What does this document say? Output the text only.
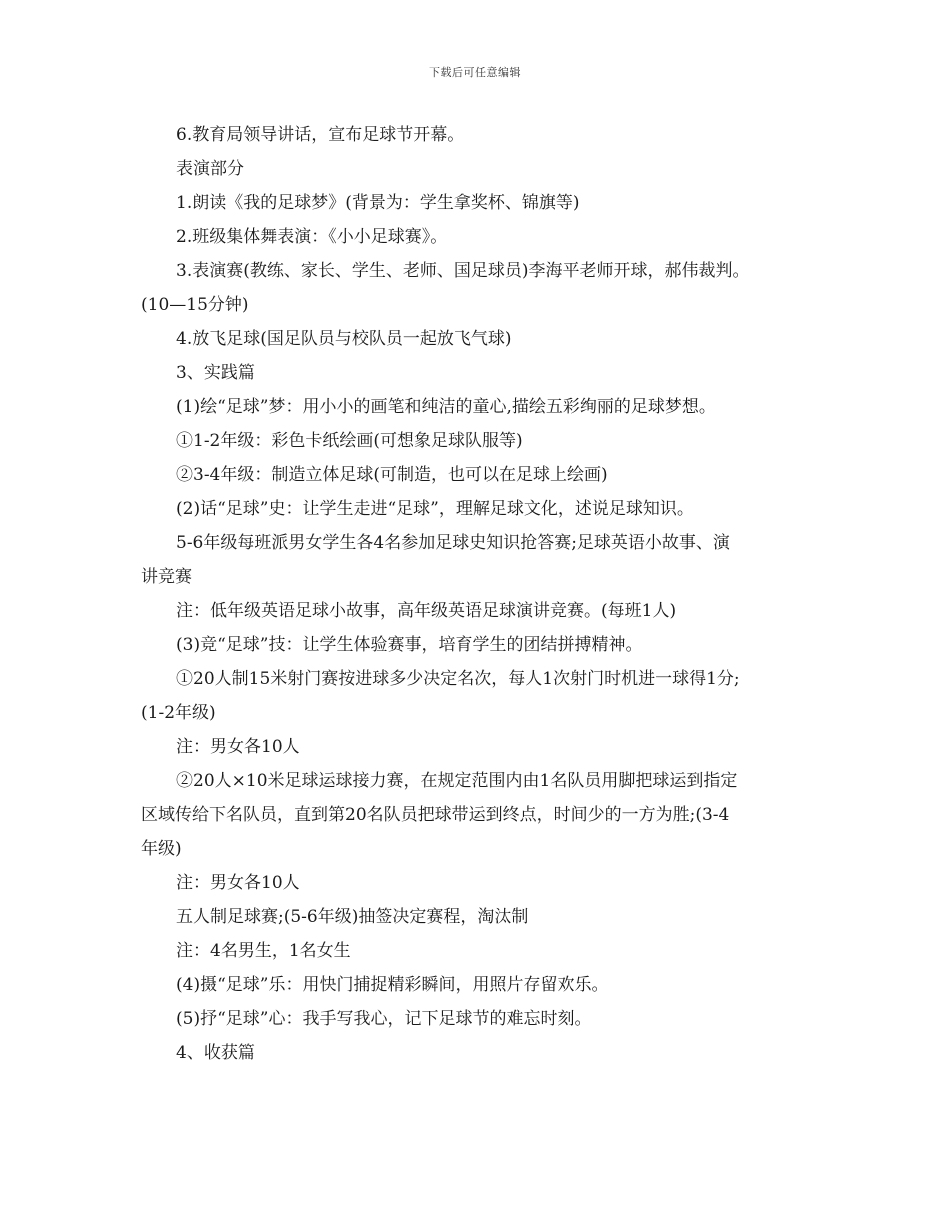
下载后可任意编辑
6.教育局领导讲话，宣布足球节开幕。
表演部分
1.朗读《我的足球梦》(背景为：学生拿奖杯、锦旗等)
2.班级集体舞表演：《小小足球赛》。
3.表演赛(教练、家长、学生、老师、国足球员)李海平老师开球，郝伟裁判。
(10—15分钟)
4.放飞足球(国足队员与校队员一起放飞气球)
3、实践篇
(1)绘“足球”梦：用小小的画笔和纯洁的童心,描绘五彩绚丽的足球梦想。
①1-2年级：彩色卡纸绘画(可想象足球队服等)
②3-4年级：制造立体足球(可制造，也可以在足球上绘画)
(2)话“足球”史：让学生走进“足球”，理解足球文化，述说足球知识。
5-6年级每班派男女学生各4名参加足球史知识抢答赛;足球英语小故事、演
讲竞赛
注：低年级英语足球小故事，高年级英语足球演讲竞赛。(每班1人)
(3)竞“足球”技：让学生体验赛事，培育学生的团结拼搏精神。
①20人制15米射门赛按进球多少决定名次，每人1次射门时机进一球得1分;
(1-2年级)
注：男女各10人
②20人×10米足球运球接力赛，在规定范围内由1名队员用脚把球运到指定
区域传给下名队员，直到第20名队员把球带运到终点，时间少的一方为胜;(3-4
年级)
注：男女各10人
五人制足球赛;(5-6年级)抽签决定赛程，淘汰制
注：4名男生，1名女生
(4)摄“足球”乐：用快门捕捉精彩瞬间，用照片存留欢乐。
(5)抒“足球”心：我手写我心，记下足球节的难忘时刻。
4、收获篇
